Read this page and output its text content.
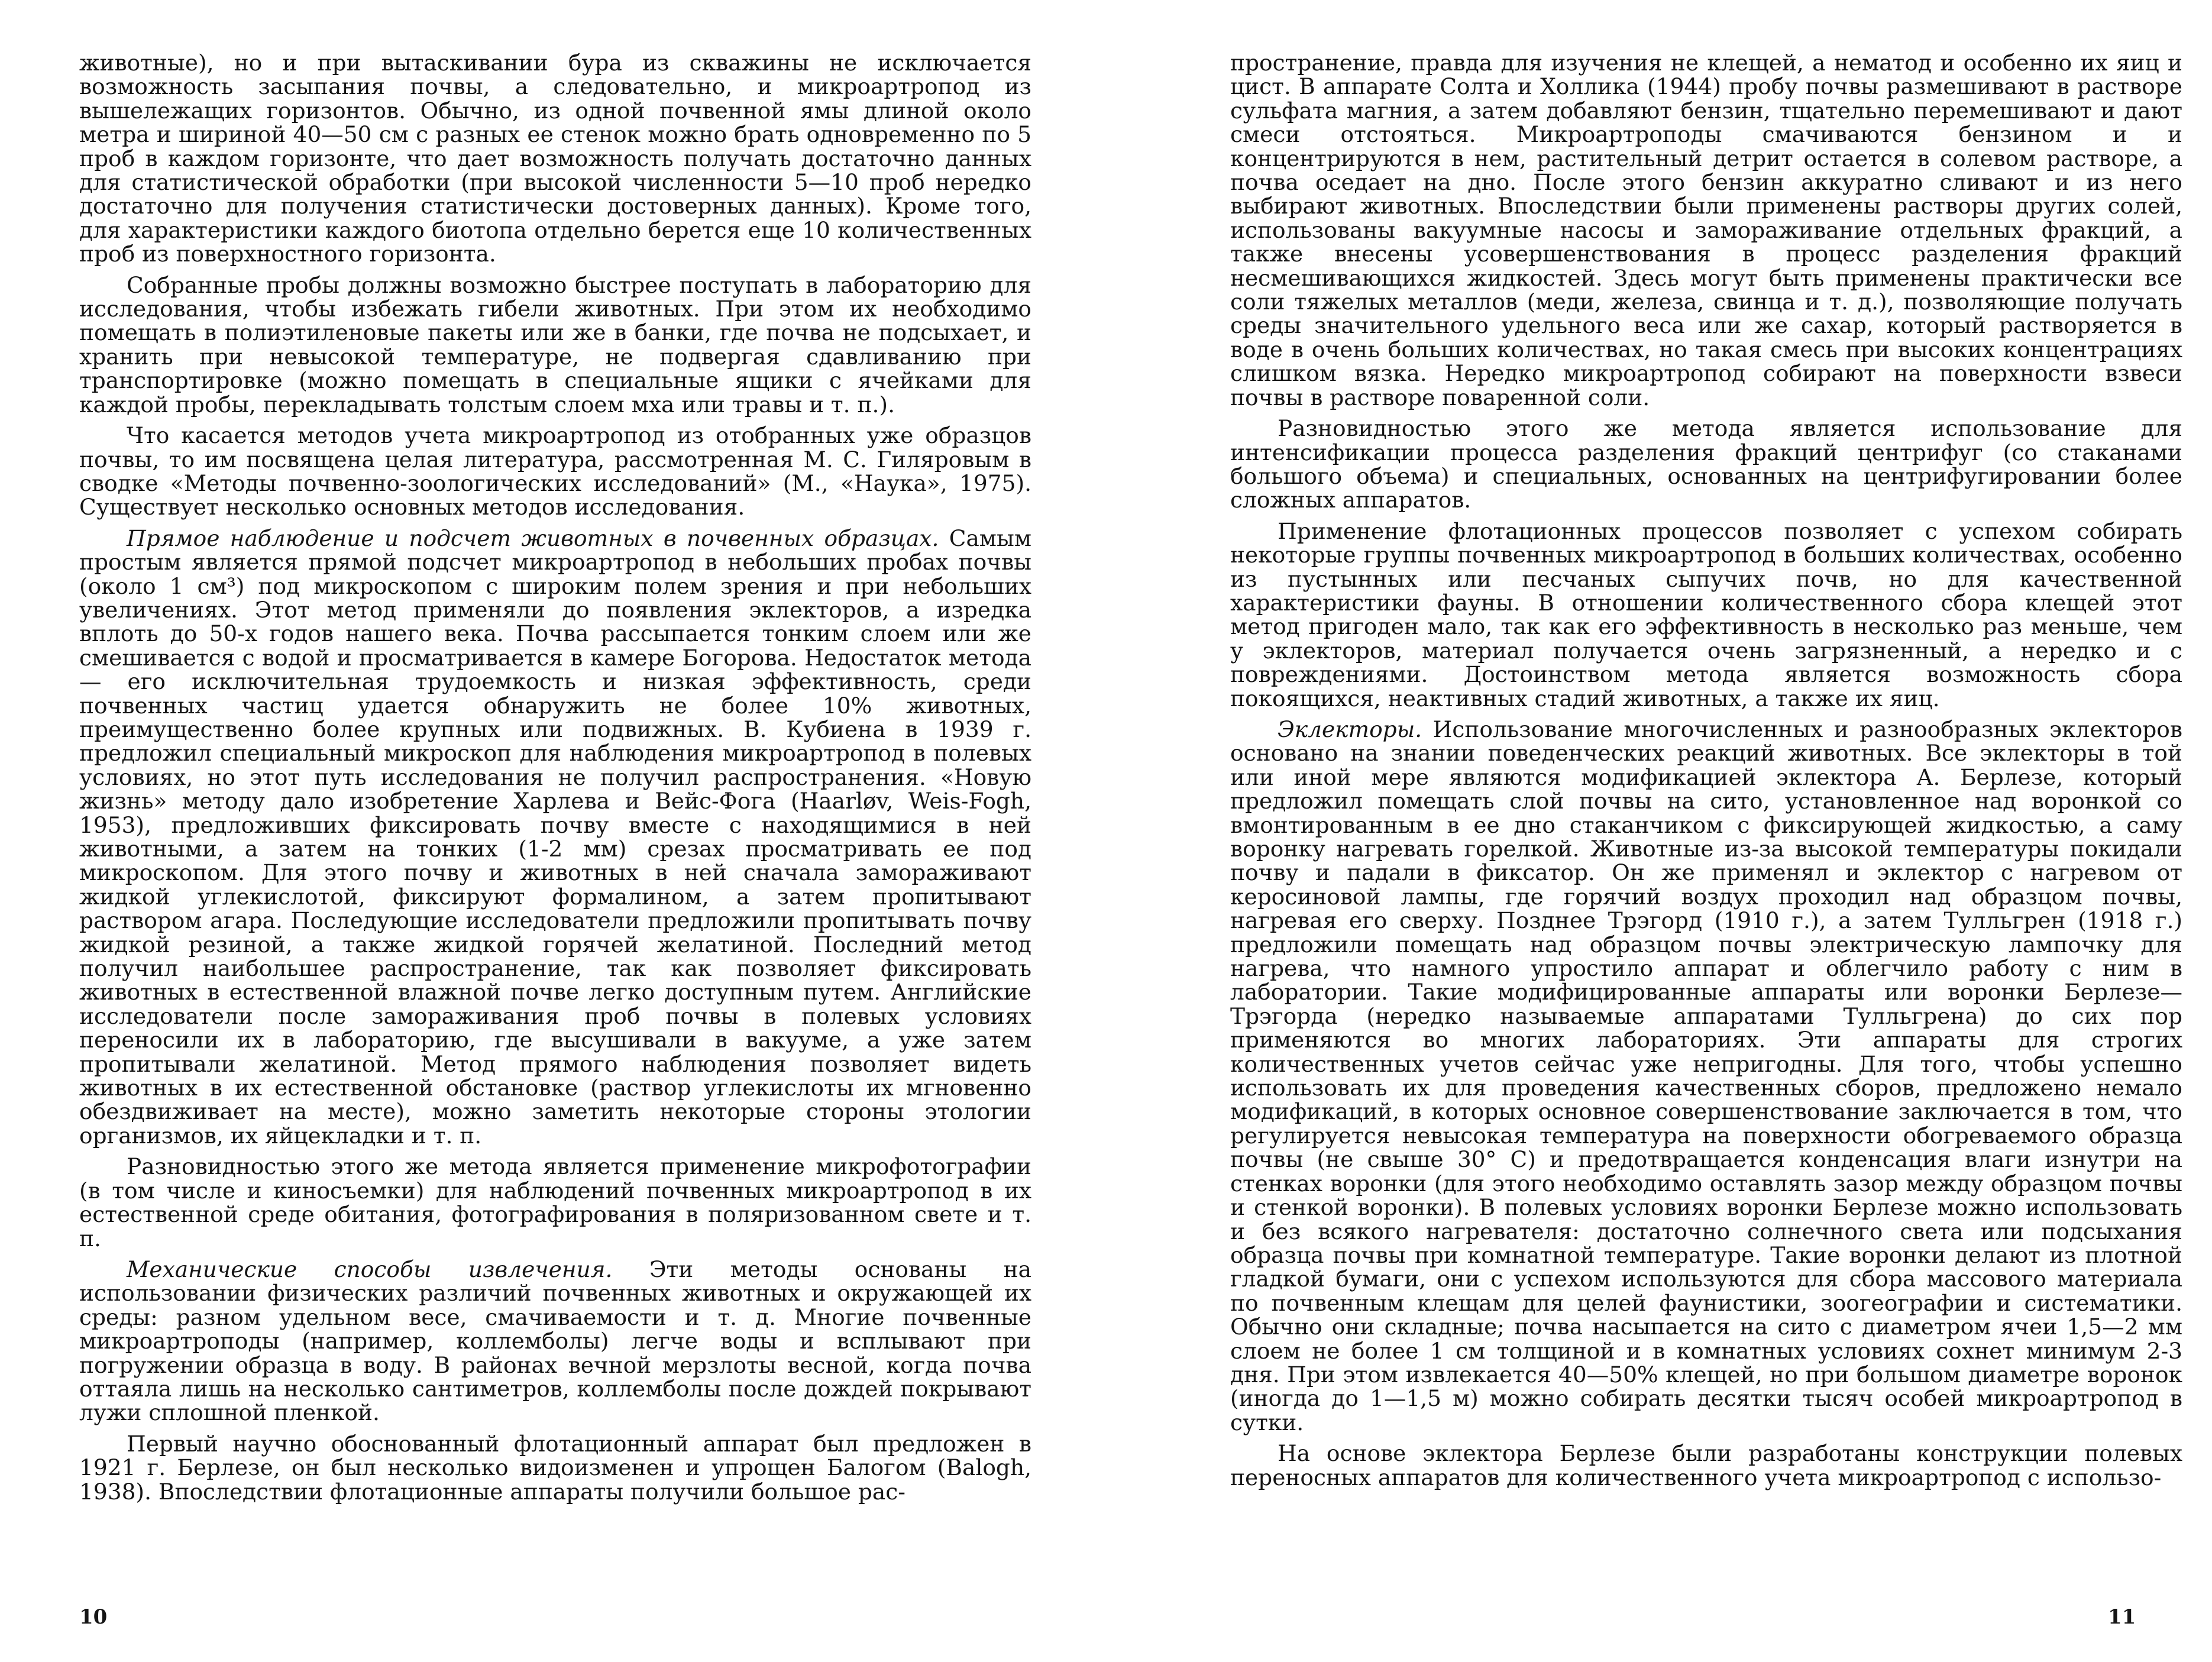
животные), но и при вытаскивании бура из скважины не исключается возможность засыпания почвы, а следовательно, и микроартропод из вышележащих горизонтов. Обычно, из одной почвенной ямы длиной около метра и шириной 40—50 см с разных ее стенок можно брать одновременно по 5 проб в каждом горизонте, что дает возможность получать достаточно данных для статистической обработки (при высокой численности 5—10 проб нередко достаточно для получения статистически достоверных данных). Кроме того, для характеристики каждого биотопа отдельно берется еще 10 количественных проб из поверхностного горизонта.

Собранные пробы должны возможно быстрее поступать в лабораторию для исследования, чтобы избежать гибели животных. При этом их необходимо помещать в полиэтиленовые пакеты или же в банки, где почва не подсыхает, и хранить при невысокой температуре, не подвергая сдавливанию при транспортировке (можно помещать в специальные ящики с ячейками для каждой пробы, перекладывать толстым слоем мха или травы и т. п.).

Что касается методов учета микроартропод из отобранных уже образцов почвы, то им посвящена целая литература, рассмотренная М. С. Гиляровым в сводке «Методы почвенно-зоологических исследований» (М., «Наука», 1975). Существует несколько основных методов исследования.

Прямое наблюдение и подсчет животных в почвенных образцах. Самым простым является прямой подсчет микроартропод в небольших пробах почвы (около 1 см³) под микроскопом с широким полем зрения и при небольших увеличениях. Этот метод применяли до появления эклекторов, а изредка вплоть до 50-х годов нашего века. Почва рассыпается тонким слоем или же смешивается с водой и просматривается в камере Богорова. Недостаток метода — его исключительная трудоемкость и низкая эффективность, среди почвенных частиц удается обнаружить не более 10% животных, преимущественно более крупных или подвижных. В. Кубиена в 1939 г. предложил специальный микроскоп для наблюдения микроартропод в полевых условиях, но этот путь исследования не получил распространения. «Новую жизнь» методу дало изобретение Харлева и Вейс-Фога (Haarløv, Weis-Fogh, 1953), предложивших фиксировать почву вместе с находящимися в ней животными, а затем на тонких (1-2 мм) срезах просматривать ее под микроскопом. Для этого почву и животных в ней сначала замораживают жидкой углекислотой, фиксируют формалином, а затем пропитывают раствором агара. Последующие исследователи предложили пропитывать почву жидкой резиной, а также жидкой горячей желатиной. Последний метод получил наибольшее распространение, так как позволяет фиксировать животных в естественной влажной почве легко доступным путем. Английские исследователи после замораживания проб почвы в полевых условиях переносили их в лабораторию, где высушивали в вакууме, а уже затем пропитывали желатиной. Метод прямого наблюдения позволяет видеть животных в их естественной обстановке (раствор углекислоты их мгновенно обездвиживает на месте), можно заметить некоторые стороны этологии организмов, их яйцекладки и т. п.

Разновидностью этого же метода является применение микрофотографии (в том числе и киносъемки) для наблюдений почвенных микроартропод в их естественной среде обитания, фотографирования в поляризованном свете и т. п.

Механические способы извлечения. Эти методы основаны на использовании физических различий почвенных животных и окружающей их среды: разном удельном весе, смачиваемости и т. д. Многие почвенные микроартроподы (например, коллемболы) легче воды и всплывают при погружении образца в воду. В районах вечной мерзлоты весной, когда почва оттаяла лишь на несколько сантиметров, коллемболы после дождей покрывают лужи сплошной пленкой.

Первый научно обоснованный флотационный аппарат был предложен в 1921 г. Берлезе, он был несколько видоизменен и упрощен Балогом (Balogh, 1938). Впоследствии флотационные аппараты получили большое рас-

10

пространение, правда для изучения не клещей, а нематод и особенно их яиц и цист. В аппарате Солта и Холлика (1944) пробу почвы размешивают в растворе сульфата магния, а затем добавляют бензин, тщательно перемешивают и дают смеси отстояться. Микроартроподы смачиваются бензином и и концентрируются в нем, растительный детрит остается в солевом растворе, а почва оседает на дно. После этого бензин аккуратно сливают и из него выбирают животных. Впоследствии были применены растворы других солей, использованы вакуумные насосы и замораживание отдельных фракций, а также внесены усовершенствования в процесс разделения фракций несмешивающихся жидкостей. Здесь могут быть применены практически все соли тяжелых металлов (меди, железа, свинца и т. д.), позволяющие получать среды значительного удельного веса или же сахар, который растворяется в воде в очень больших количествах, но такая смесь при высоких концентрациях слишком вязка. Нередко микроартропод собирают на поверхности взвеси почвы в растворе поваренной соли.

Разновидностью этого же метода является использование для интенсификации процесса разделения фракций центрифуг (со стаканами большого объема) и специальных, основанных на центрифугировании более сложных аппаратов.

Применение флотационных процессов позволяет с успехом собирать некоторые группы почвенных микроартропод в больших количествах, особенно из пустынных или песчаных сыпучих почв, но для качественной характеристики фауны. В отношении количественного сбора клещей этот метод пригоден мало, так как его эффективность в несколько раз меньше, чем у эклекторов, материал получается очень загрязненный, а нередко и с повреждениями. Достоинством метода является возможность сбора покоящихся, неактивных стадий животных, а также их яиц.

Эклекторы. Использование многочисленных и разнообразных эклекторов основано на знании поведенческих реакций животных. Все эклекторы в той или иной мере являются модификацией эклектора А. Берлезе, который предложил помещать слой почвы на сито, установленное над воронкой со вмонтированным в ее дно стаканчиком с фиксирующей жидкостью, а саму воронку нагревать горелкой. Животные из-за высокой температуры покидали почву и падали в фиксатор. Он же применял и эклектор с нагревом от керосиновой лампы, где горячий воздух проходил над образцом почвы, нагревая его сверху. Позднее Трэгорд (1910 г.), а затем Тулльгрен (1918 г.) предложили помещать над образцом почвы электрическую лампочку для нагрева, что намного упростило аппарат и облегчило работу с ним в лаборатории. Такие модифицированные аппараты или воронки Берлезе—Трэгорда (нередко называемые аппаратами Тулльгрена) до сих пор применяются во многих лабораториях. Эти аппараты для строгих количественных учетов сейчас уже непригодны. Для того, чтобы успешно использовать их для проведения качественных сборов, предложено немало модификаций, в которых основное совершенствование заключается в том, что регулируется невысокая температура на поверхности обогреваемого образца почвы (не свыше 30° С) и предотвращается конденсация влаги изнутри на стенках воронки (для этого необходимо оставлять зазор между образцом почвы и стенкой воронки). В полевых условиях воронки Берлезе можно использовать и без всякого нагревателя: достаточно солнечного света или подсыхания образца почвы при комнатной температуре. Такие воронки делают из плотной гладкой бумаги, они с успехом используются для сбора массового материала по почвенным клещам для целей фаунистики, зоогеографии и систематики. Обычно они складные; почва насыпается на сито с диаметром ячеи 1,5—2 мм слоем не более 1 см толщиной и в комнатных условиях сохнет минимум 2-3 дня. При этом извлекается 40—50% клещей, но при большом диаметре воронок (иногда до 1—1,5 м) можно собирать десятки тысяч особей микроартропод в сутки.

На основе эклектора Берлезе были разработаны конструкции полевых переносных аппаратов для количественного учета микроартропод с использо-

11
